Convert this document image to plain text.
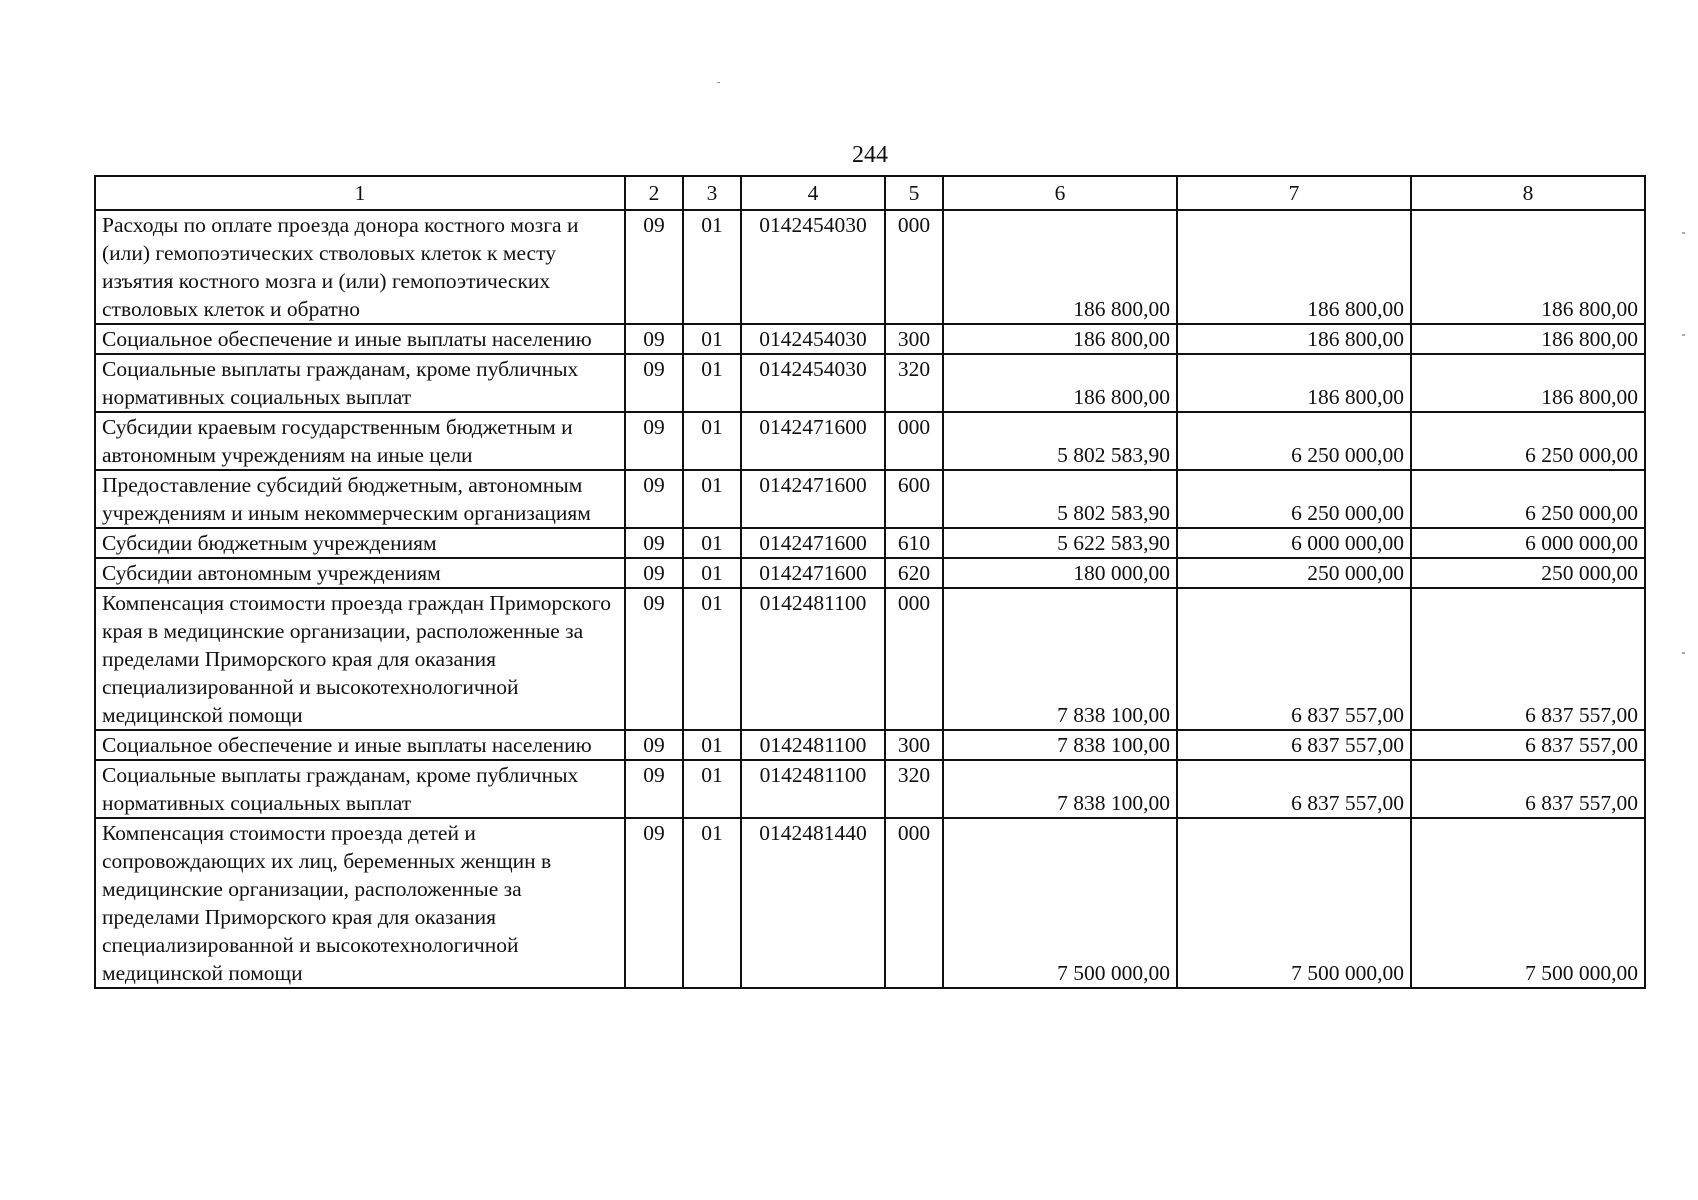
244
1	2	3	4	5	6	7	8
Расходы по оплате проезда донора костного мозга и (или) гемопоэтических стволовых клеток к месту изъятия костного мозга и (или) гемопоэтических стволовых клеток и обратно	09	01	0142454030	000	186 800,00	186 800,00	186 800,00
Социальное обеспечение и иные выплаты населению	09	01	0142454030	300	186 800,00	186 800,00	186 800,00
Социальные выплаты гражданам, кроме публичных нормативных социальных выплат	09	01	0142454030	320	186 800,00	186 800,00	186 800,00
Субсидии краевым государственным бюджетным и автономным учреждениям на иные цели	09	01	0142471600	000	5 802 583,90	6 250 000,00	6 250 000,00
Предоставление субсидий бюджетным, автономным учреждениям и иным некоммерческим организациям	09	01	0142471600	600	5 802 583,90	6 250 000,00	6 250 000,00
Субсидии бюджетным учреждениям	09	01	0142471600	610	5 622 583,90	6 000 000,00	6 000 000,00
Субсидии автономным учреждениям	09	01	0142471600	620	180 000,00	250 000,00	250 000,00
Компенсация стоимости проезда граждан Приморского края в медицинские организации, расположенные за пределами Приморского края для оказания специализированной и высокотехнологичной медицинской помощи	09	01	0142481100	000	7 838 100,00	6 837 557,00	6 837 557,00
Социальное обеспечение и иные выплаты населению	09	01	0142481100	300	7 838 100,00	6 837 557,00	6 837 557,00
Социальные выплаты гражданам, кроме публичных нормативных социальных выплат	09	01	0142481100	320	7 838 100,00	6 837 557,00	6 837 557,00
Компенсация стоимости проезда детей и сопровождающих их лиц, беременных женщин в медицинские организации, расположенные за пределами Приморского края для оказания специализированной и высокотехнологичной медицинской помощи	09	01	0142481440	000	7 500 000,00	7 500 000,00	7 500 000,00
